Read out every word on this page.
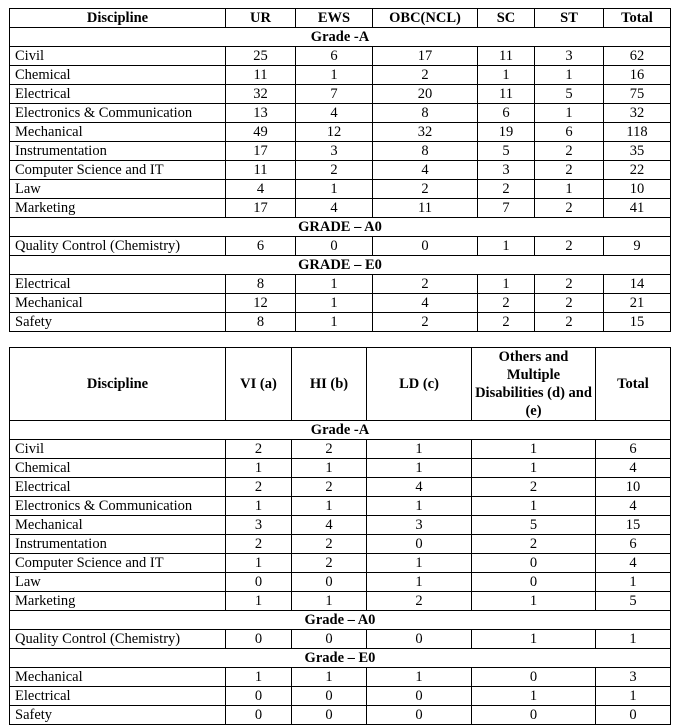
Discipline	UR	EWS	OBC(NCL)	SC	ST	Total
Grade -A						
Civil	25	6	17	11	3	62
Chemical	11	1	2	1	1	16
Electrical	32	7	20	11	5	75
Electronics & Communication	13	4	8	6	1	32
Mechanical	49	12	32	19	6	118
Instrumentation	17	3	8	5	2	35
Computer Science and IT	11	2	4	3	2	22
Law	4	1	2	2	1	10
Marketing	17	4	11	7	2	41
GRADE – A0						
Quality Control (Chemistry)	6	0	0	1	2	9
GRADE – E0						
Electrical	8	1	2	1	2	14
Mechanical	12	1	4	2	2	21
Safety	8	1	2	2	2	15
Discipline	VI (a)	HI (b)	LD (c)	Others and Multiple Disabilities (d) and (e)	Total
Grade -A					
Civil	2	2	1	1	6
Chemical	1	1	1	1	4
Electrical	2	2	4	2	10
Electronics & Communication	1	1	1	1	4
Mechanical	3	4	3	5	15
Instrumentation	2	2	0	2	6
Computer Science and IT	1	2	1	0	4
Law	0	0	1	0	1
Marketing	1	1	2	1	5
Grade – A0					
Quality Control (Chemistry)	0	0	0	1	1
Grade – E0					
Mechanical	1	1	1	0	3
Electrical	0	0	0	1	1
Safety	0	0	0	0	0
